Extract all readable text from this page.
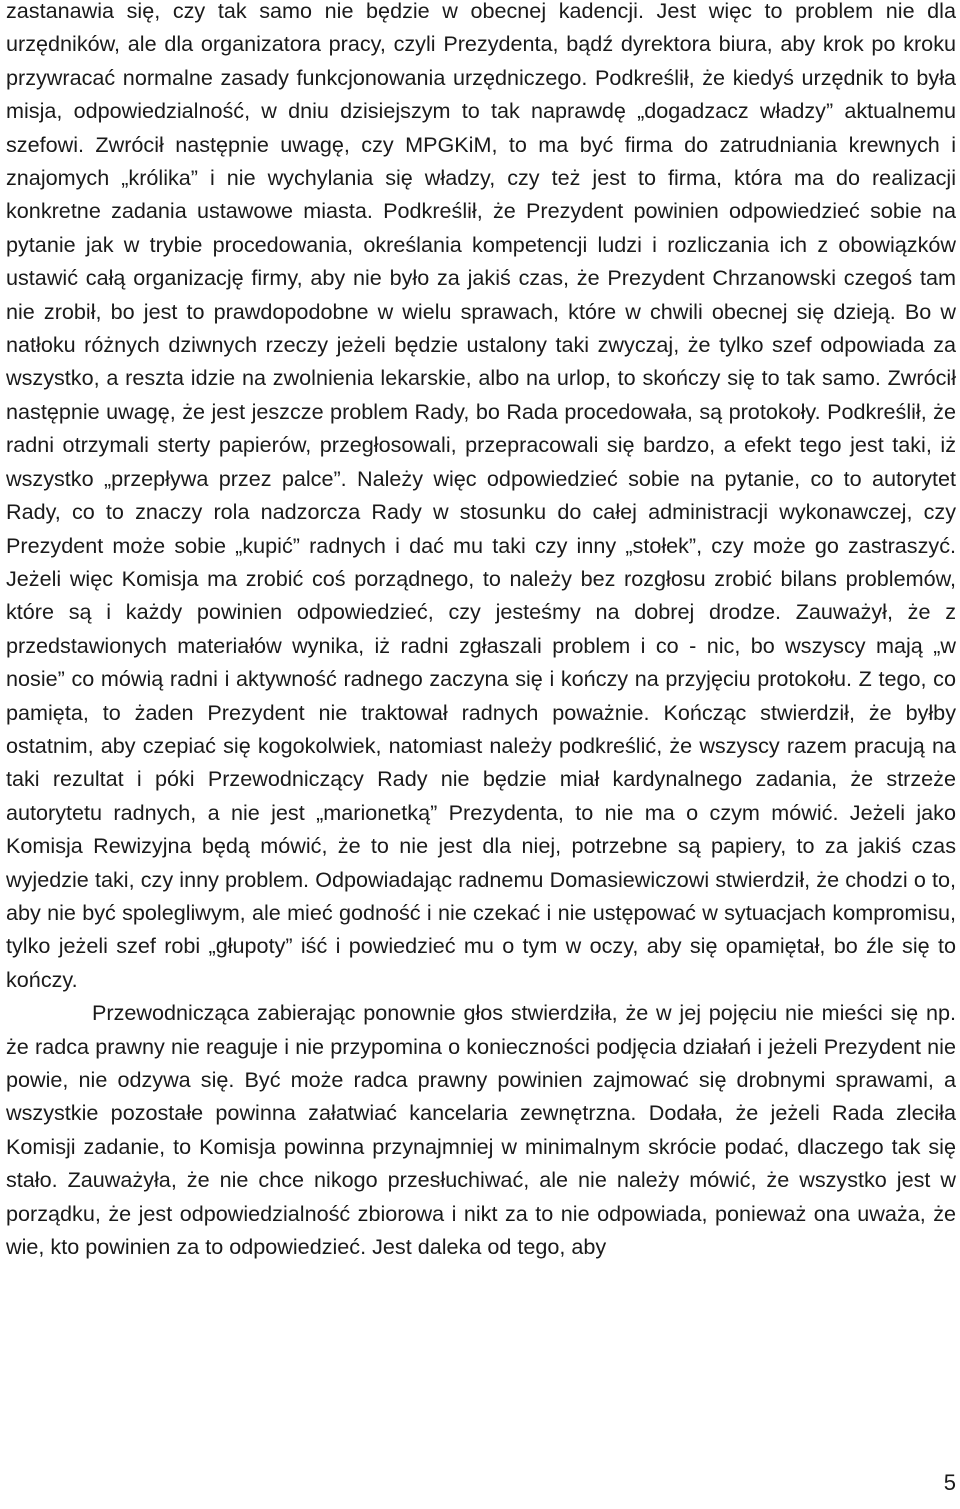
zastanawia się, czy tak samo nie będzie w obecnej kadencji. Jest więc to problem nie dla urzędników, ale dla organizatora pracy, czyli Prezydenta, bądź dyrektora biura, aby krok po kroku przywracać normalne zasady funkcjonowania urzędniczego. Podkreślił, że kiedyś urzędnik to była misja, odpowiedzialność, w dniu dzisiejszym to tak naprawdę „dogadzacz władzy” aktualnemu szefowi. Zwrócił następnie uwagę, czy MPGKiM, to ma być firma do zatrudniania krewnych i znajomych „królika” i nie wychylania się władzy, czy też jest to firma, która ma do realizacji konkretne zadania ustawowe miasta. Podkreślił, że Prezydent powinien odpowiedzieć sobie na pytanie jak w trybie procedowania, określania kompetencji ludzi i rozliczania ich z obowiązków ustawić całą organizację firmy, aby nie było za jakiś czas, że Prezydent Chrzanowski czegoś tam nie zrobił, bo jest to prawdopodobne w wielu sprawach, które w chwili obecnej się dzieją. Bo w natłoku różnych dziwnych rzeczy jeżeli będzie ustalony taki zwyczaj, że tylko szef odpowiada za wszystko, a reszta idzie na zwolnienia lekarskie, albo na urlop, to skończy się to tak samo. Zwrócił następnie uwagę, że jest jeszcze problem Rady, bo Rada procedowała, są protokoły. Podkreślił, że radni otrzymali sterty papierów, przegłosowali, przepracowali się bardzo, a efekt tego jest taki, iż wszystko „przepływa przez palce”. Należy więc odpowiedzieć sobie na pytanie, co to autorytet Rady, co to znaczy rola nadzorcza Rady w stosunku do całej administracji wykonawczej, czy Prezydent może sobie „kupić” radnych i dać mu taki czy inny „stołek”, czy może go zastraszyć. Jeżeli więc Komisja ma zrobić coś porządnego, to należy bez rozgłosu zrobić bilans problemów, które są i każdy powinien odpowiedzieć, czy jesteśmy na dobrej drodze. Zauważył, że z przedstawionych materiałów wynika, iż radni zgłaszali problem i co - nic, bo wszyscy mają „w nosie” co mówią radni i aktywność radnego zaczyna się i kończy na przyjęciu protokołu. Z tego, co pamięta, to żaden Prezydent nie traktował radnych poważnie. Kończąc stwierdził, że byłby ostatnim, aby czepiać się kogokolwiek, natomiast należy podkreślić, że wszyscy razem pracują na taki rezultat i póki Przewodniczący Rady nie będzie miał kardynalnego zadania, że strzeże autorytetu radnych, a nie jest „marionetką” Prezydenta, to nie ma o czym mówić. Jeżeli jako Komisja Rewizyjna będą mówić, że to nie jest dla niej, potrzebne są papiery, to za jakiś czas wyjedzie taki, czy inny problem. Odpowiadając radnemu Domasiewiczowi stwierdził, że chodzi o to, aby nie być spolegliwym, ale mieć godność i nie czekać i nie ustępować w sytuacjach kompromisu, tylko jeżeli szef robi „głupoty” iść i powiedzieć mu o tym w oczy, aby się opamiętał, bo źle się to kończy.

Przewodnicząca zabierając ponownie głos stwierdziła, że w jej pojęciu nie mieści się np. że radca prawny nie reaguje i nie przypomina o konieczności podjęcia działań i jeżeli Prezydent nie powie, nie odzywa się. Być może radca prawny powinien zajmować się drobnymi sprawami, a wszystkie pozostałe powinna załatwiać kancelaria zewnętrzna. Dodała, że jeżeli Rada zleciła Komisji zadanie, to Komisja powinna przynajmniej w minimalnym skrócie podać, dlaczego tak się stało. Zauważyła, że nie chce nikogo przesłuchiwać, ale nie należy mówić, że wszystko jest w porządku, że jest odpowiedzialność zbiorowa i nikt za to nie odpowiada, ponieważ ona uważa, że wie, kto powinien za to odpowiedzieć. Jest daleka od tego, aby

5
